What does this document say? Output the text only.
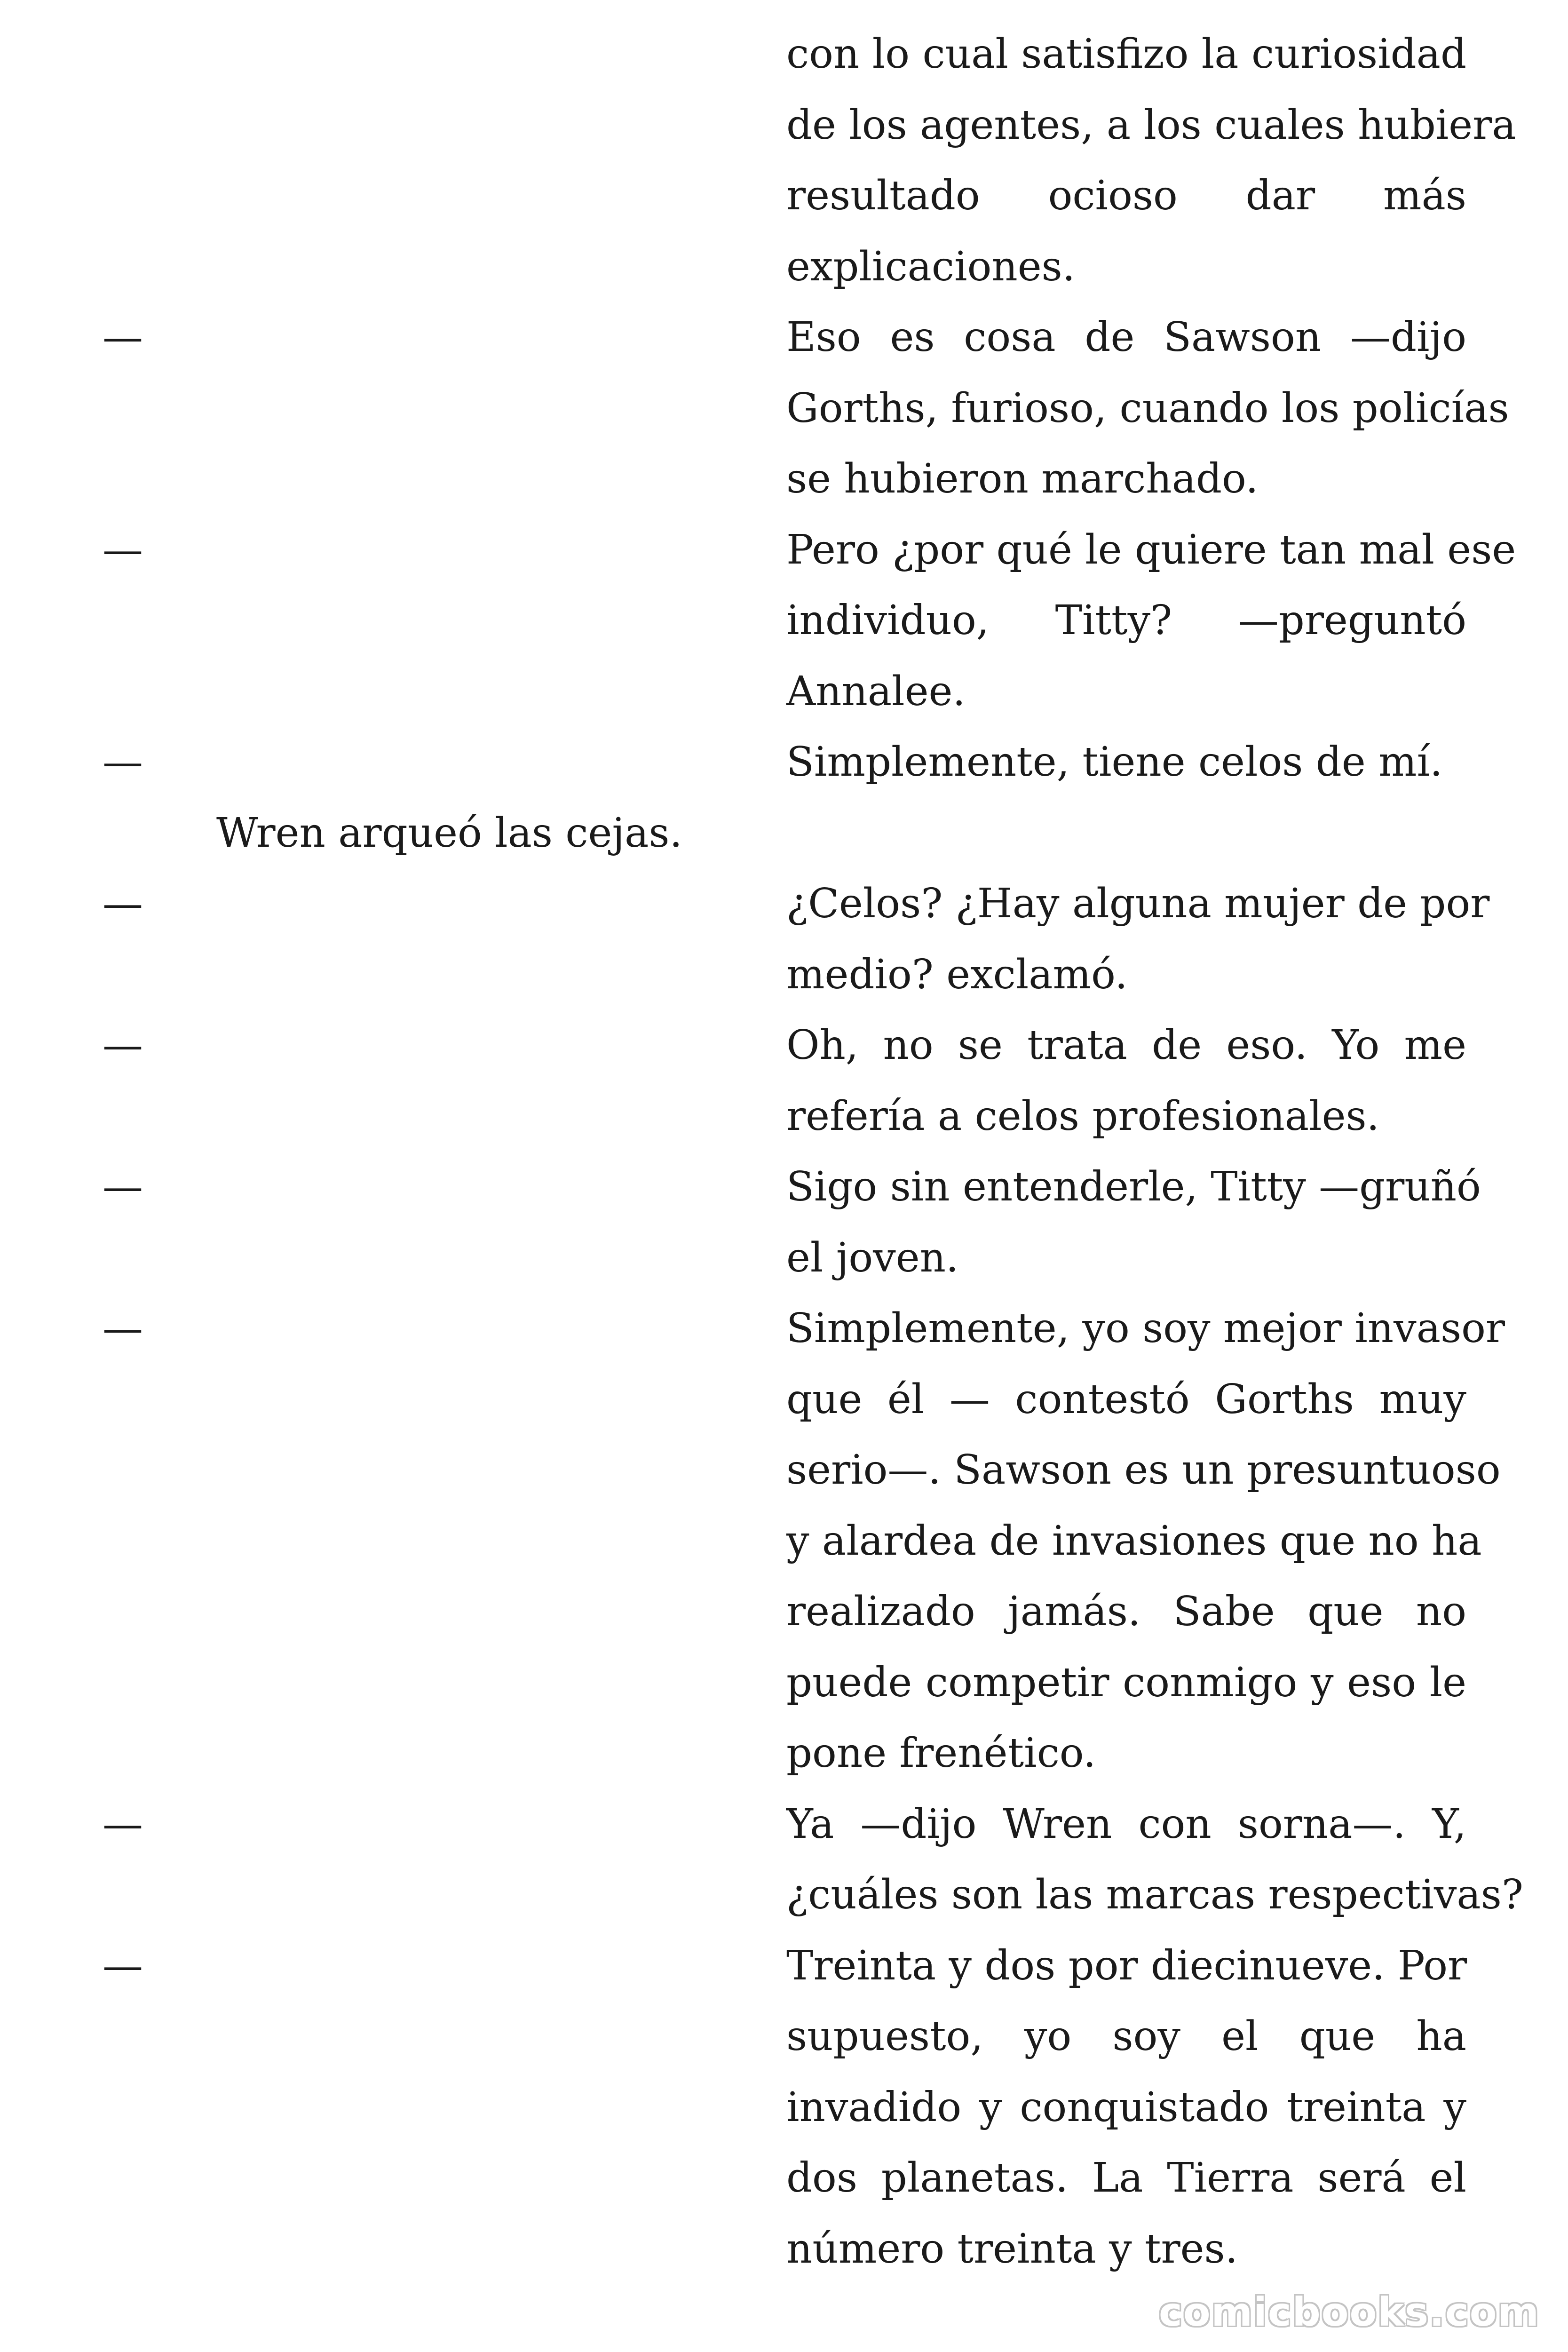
comicbooks.com
con lo cual satisfizo la curiosidad
de los agentes, a los cuales hubiera
resultado ocioso dar más
explicaciones.
—	Eso es cosa de Sawson —dijo
Gorths, furioso, cuando los policías
se hubieron marchado.
—	Pero ¿por qué le quiere tan mal ese
individuo, Titty? —preguntó
Annalee.
—	Simplemente, tiene celos de mí.
Wren arqueó las cejas.
—	¿Celos? ¿Hay alguna mujer de por
medio? exclamó.
—	Oh, no se trata de eso. Yo me
refería a celos profesionales.
—	Sigo sin entenderle, Titty —gruñó
el joven.
—	Simplemente, yo soy mejor invasor
que él — contestó Gorths muy
serio—. Sawson es un presuntuoso
y alardea de invasiones que no ha
realizado jamás. Sabe que no
puede competir conmigo y eso le
pone frenético.
—	Ya —dijo Wren con sorna—. Y,
¿cuáles son las marcas respectivas?
—	Treinta y dos por diecinueve. Por
supuesto, yo soy el que ha
invadido y conquistado treinta y
dos planetas. La Tierra será el
número treinta y tres.
